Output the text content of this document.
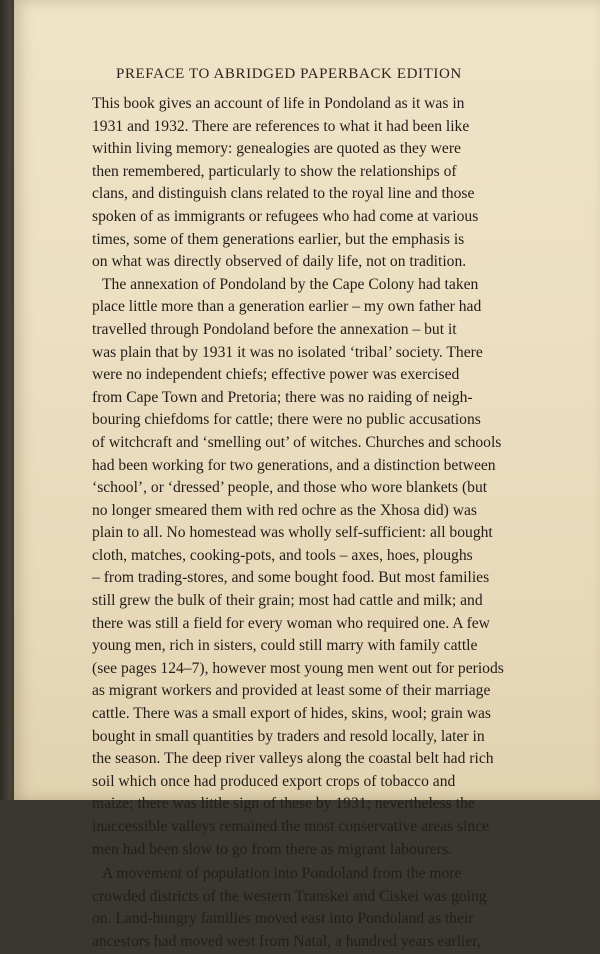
PREFACE TO ABRIDGED PAPERBACK EDITION
This book gives an account of life in Pondoland as it was in
1931 and 1932. There are references to what it had been like
within living memory: genealogies are quoted as they were
then remembered, particularly to show the relationships of
clans, and distinguish clans related to the royal line and those
spoken of as immigrants or refugees who had come at various
times, some of them generations earlier, but the emphasis is
on what was directly observed of daily life, not on tradition.
The annexation of Pondoland by the Cape Colony had taken
place little more than a generation earlier – my own father had
travelled through Pondoland before the annexation – but it
was plain that by 1931 it was no isolated ‘tribal’ society. There
were no independent chiefs; effective power was exercised
from Cape Town and Pretoria; there was no raiding of neigh-
bouring chiefdoms for cattle; there were no public accusations
of witchcraft and ‘smelling out’ of witches. Churches and schools
had been working for two generations, and a distinction between
‘school’, or ‘dressed’ people, and those who wore blankets (but
no longer smeared them with red ochre as the Xhosa did) was
plain to all. No homestead was wholly self-sufficient: all bought
cloth, matches, cooking-pots, and tools – axes, hoes, ploughs
– from trading-stores, and some bought food. But most families
still grew the bulk of their grain; most had cattle and milk; and
there was still a field for every woman who required one. A few
young men, rich in sisters, could still marry with family cattle
(see pages 124–7), however most young men went out for periods
as migrant workers and provided at least some of their marriage
cattle. There was a small export of hides, skins, wool; grain was
bought in small quantities by traders and resold locally, later in
the season. The deep river valleys along the coastal belt had rich
soil which once had produced export crops of tobacco and
maize; there was little sign of these by 1931; nevertheless the
inaccessible valleys remained the most conservative areas since
men had been slow to go from there as migrant labourers.
A movement of population into Pondoland from the more
crowded districts of the western Transkei and Ciskei was going
on. Land-hungry families moved east into Pondoland as their
ancestors had moved west from Natal, a hundred years earlier,
